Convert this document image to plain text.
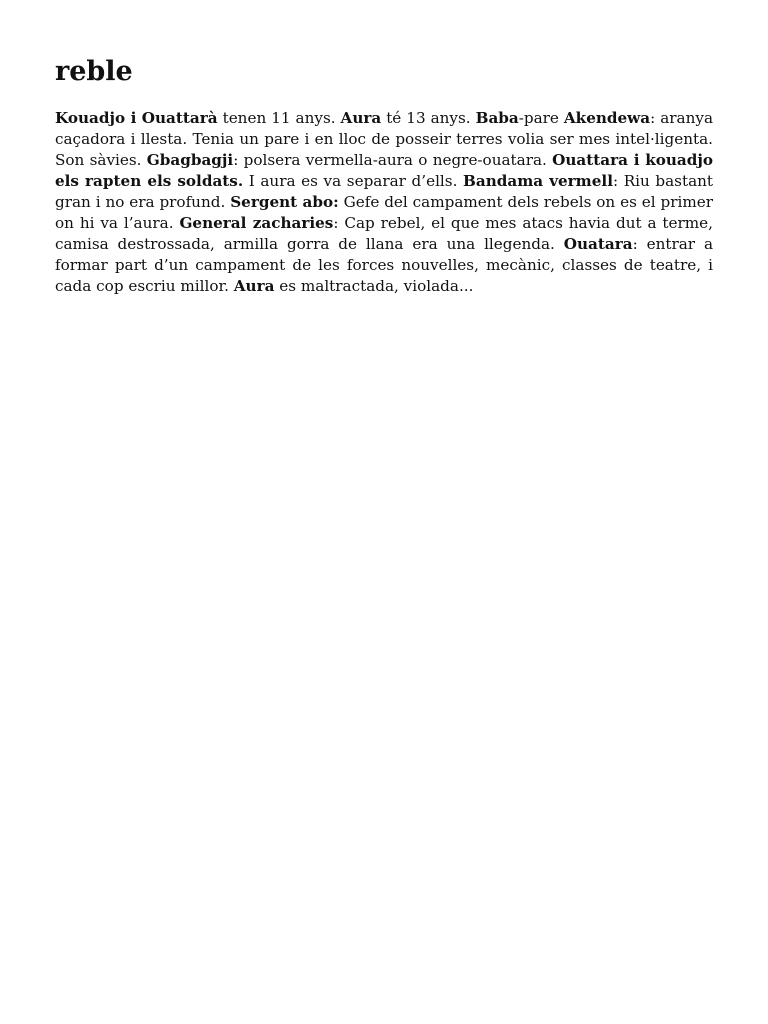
reble

Kouadjo i Ouattarà tenen 11 anys. Aura té 13 anys. Baba-pare Akendewa: aranya caçadora i llesta. Tenia un pare i en lloc de posseir terres volia ser mes intel·ligenta. Son sàvies. Gbagbagji: polsera vermella-aura o negre-ouatara. Ouattara i kouadjo els rapten els soldats. I aura es va separar d’ells. Bandama vermell: Riu bastant gran i no era profund. Sergent abo: Gefe del campament dels rebels on es el primer on hi va l’aura. General zacharies: Cap rebel, el que mes atacs havia dut a terme, camisa destrossada, armilla gorra de llana era una llegenda. Ouatara: entrar a formar part d’un campament de les forces nouvelles, mecànic, classes de teatre, i cada cop escriu millor. Aura es maltractada, violada...
